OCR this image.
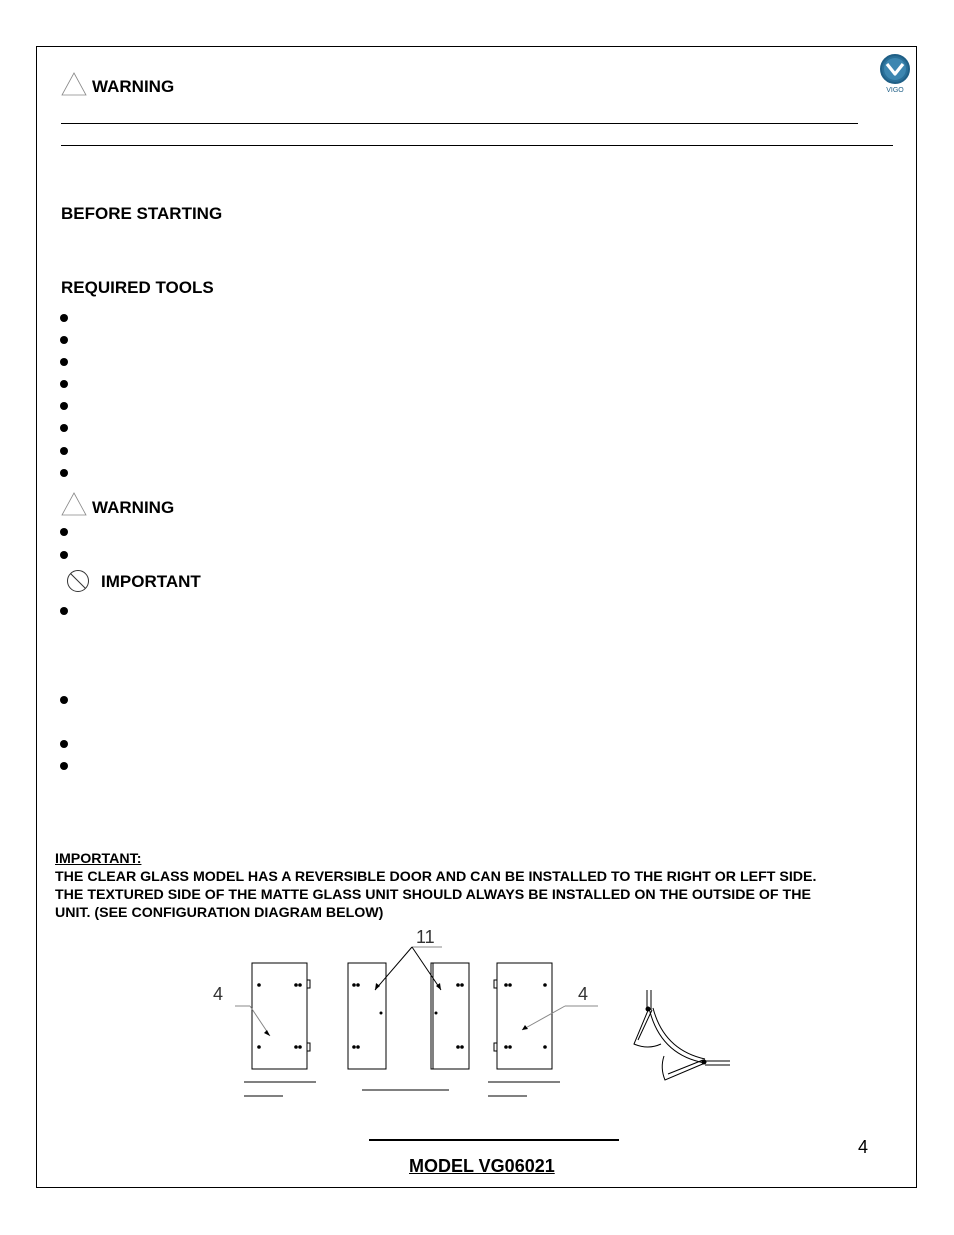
VIGO
WARNING
BEFORE STARTING
REQUIRED TOOLS
WARNING
IMPORTANT
IMPORTANT:
THE CLEAR GLASS MODEL HAS A REVERSIBLE DOOR AND CAN BE INSTALLED TO THE RIGHT OR LEFT SIDE.
THE TEXTURED SIDE OF THE MATTE GLASS UNIT SHOULD ALWAYS BE INSTALLED ON THE OUTSIDE OF THE
UNIT. (SEE CONFIGURATION DIAGRAM BELOW)
4
11
4
MODEL VG06021
4
